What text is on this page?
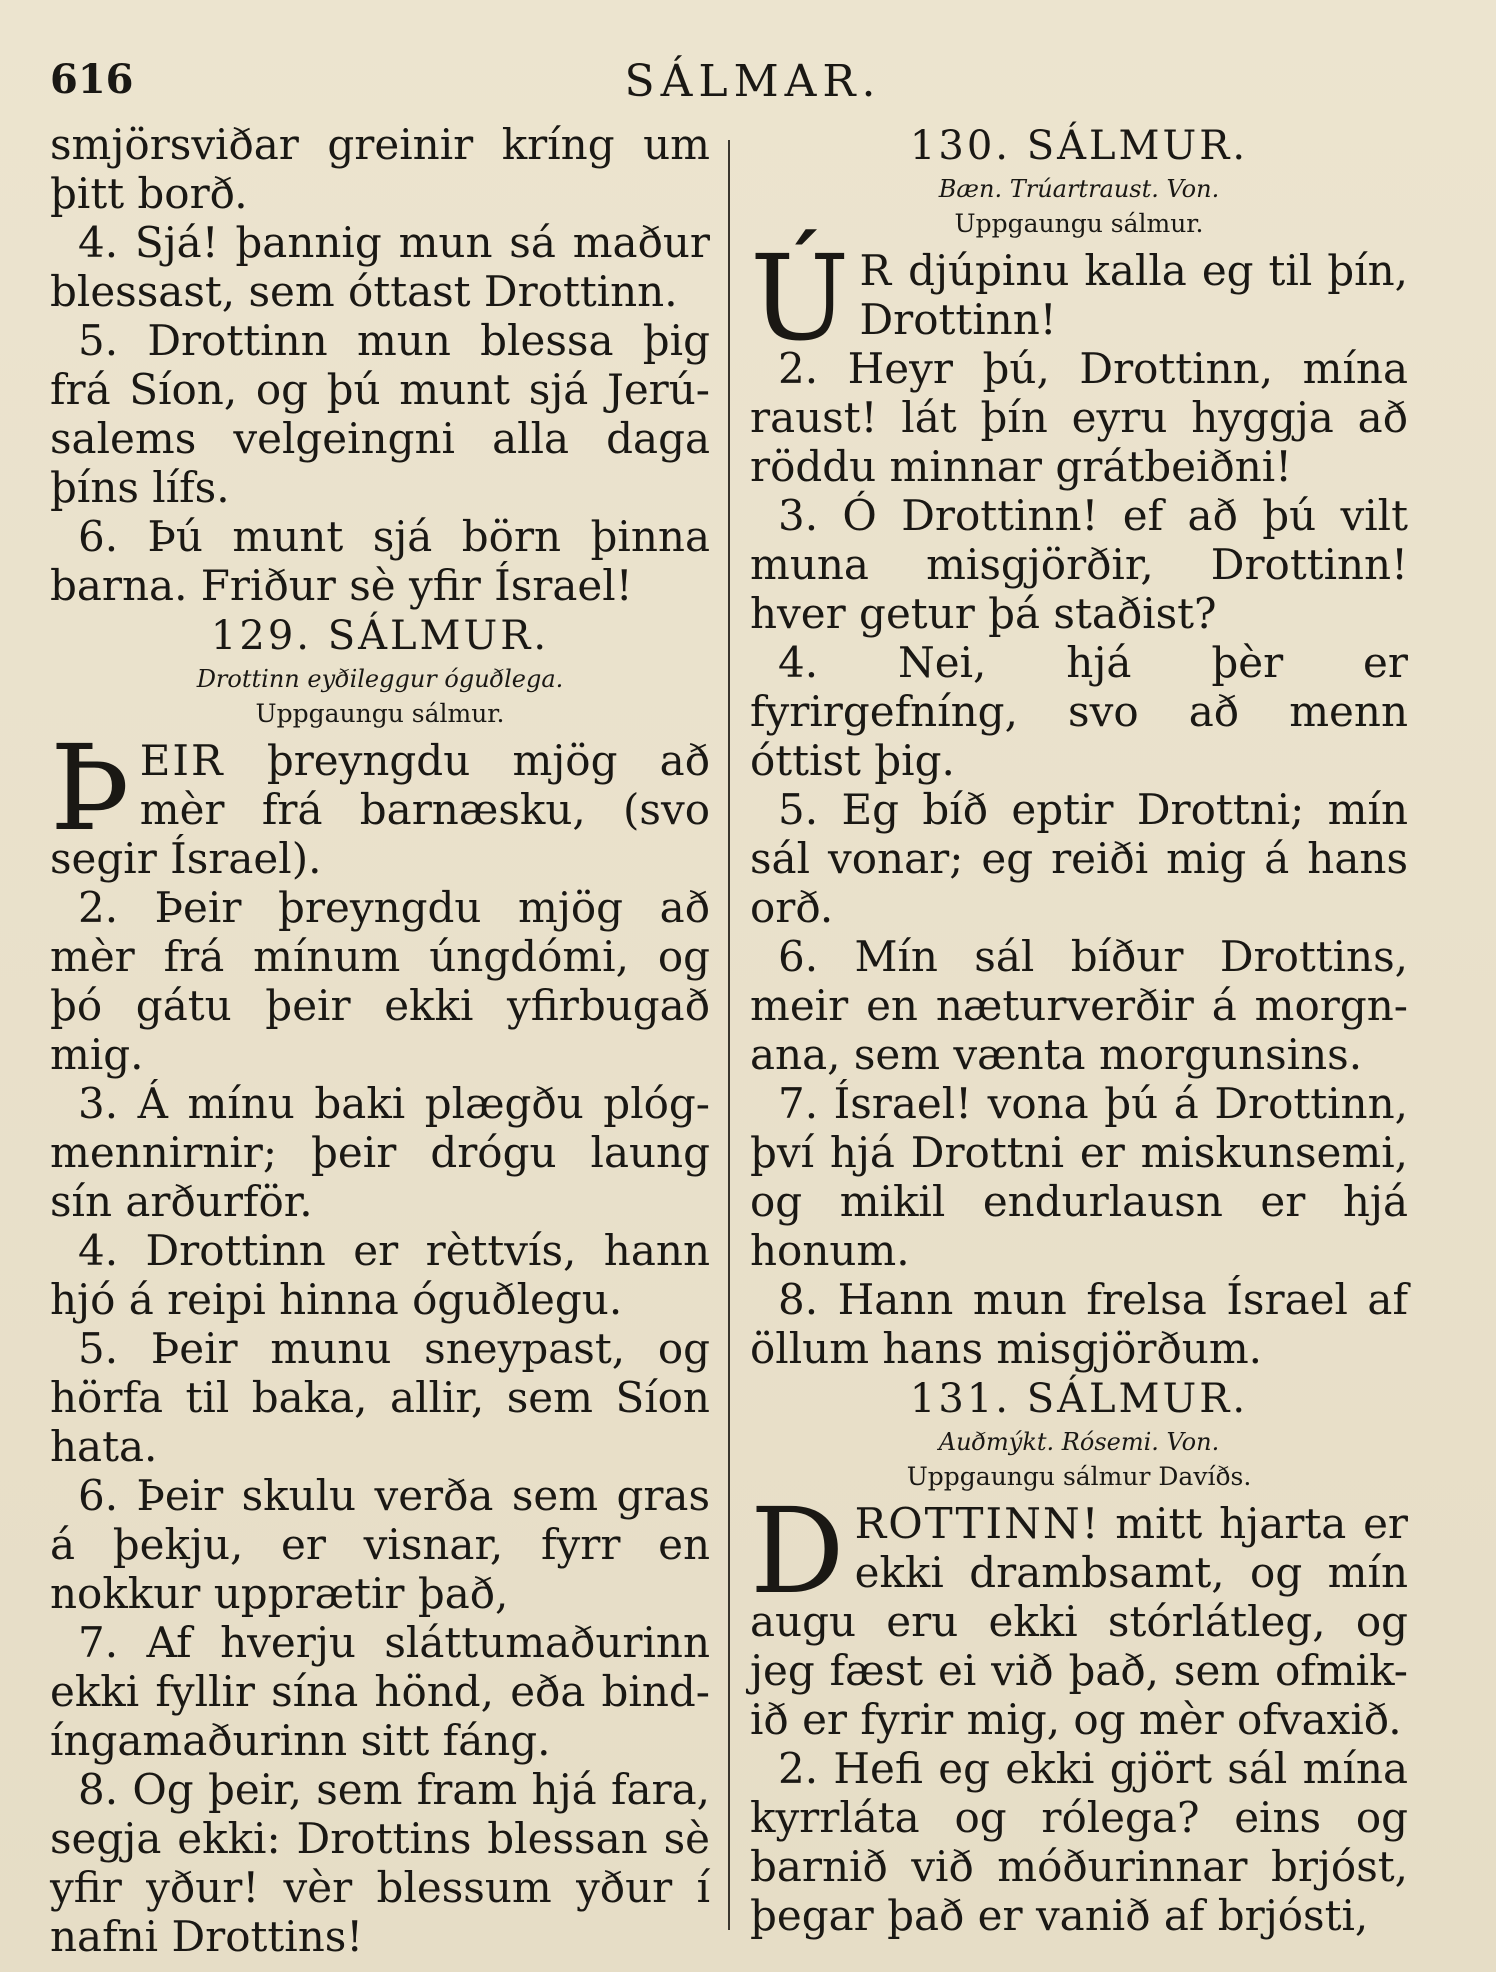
616	SÁLMAR.

smjörsviðar greinir kríng um þitt borð.

4. Sjá! þannig mun sá maður blessast, sem óttast Drottinn.

5. Drottinn mun blessa þig frá Síon, og þú munt sjá Jerú-salems velgeingni alla daga þíns lífs.

6. Þú munt sjá börn þinna barna. Friður sè yfir Ísrael!

129. SÁLMUR.

Drottinn eyðileggur óguðlega.

Uppgaungu sálmur.

ÞEIR þreyngdu mjög að mèr frá barnæsku, (svo segir Ísrael).

2. Þeir þreyngdu mjög að mèr frá mínum úngdómi, og þó gátu þeir ekki yfirbugað mig.

3. Á mínu baki plægðu plóg-mennirnir; þeir drógu laung sín arðurför.

4. Drottinn er rèttvís, hann hjó á reipi hinna óguðlegu.

5. Þeir munu sneypast, og hörfa til baka, allir, sem Síon hata.

6. Þeir skulu verða sem gras á þekju, er visnar, fyrr en nokkur upprætir það,

7. Af hverju sláttumaðurinn ekki fyllir sína hönd, eða bind-íngamaðurinn sitt fáng.

8. Og þeir, sem fram hjá fara, segja ekki: Drottins blessan sè yfir yður! vèr blessum yður í nafni Drottins!

130. SÁLMUR.

Bæn. Trúartraust. Von.

Uppgaungu sálmur.

Ú R djúpinu kalla eg til þín, Drottinn!

2. Heyr þú, Drottinn, mína raust! lát þín eyru hyggja að röddu minnar grátbeiðni!

3. Ó Drottinn! ef að þú vilt muna misgjörðir, Drottinn! hver getur þá staðist?

4. Nei, hjá þèr er fyrirgefníng, svo að menn óttist þig.

5. Eg bíð eptir Drottni; mín sál vonar; eg reiði mig á hans orð.

6. Mín sál bíður Drottins, meir en næturverðir á morgn-ana, sem vænta morgunsins.

7. Ísrael! vona þú á Drottinn, því hjá Drottni er miskunsemi, og mikil endurlausn er hjá honum.

8. Hann mun frelsa Ísrael af öllum hans misgjörðum.

131. SÁLMUR.

Auðmýkt. Rósemi. Von.

Uppgaungu sálmur Davíðs.

DROTTINN! mitt hjarta er ekki drambsamt, og mín augu eru ekki stórlátleg, og jeg fæst ei við það, sem ofmik-ið er fyrir mig, og mèr ofvaxið.

2. Hefi eg ekki gjört sál mína kyrrláta og rólega? eins og barnið við móðurinnar brjóst, þegar það er vanið af brjósti,
